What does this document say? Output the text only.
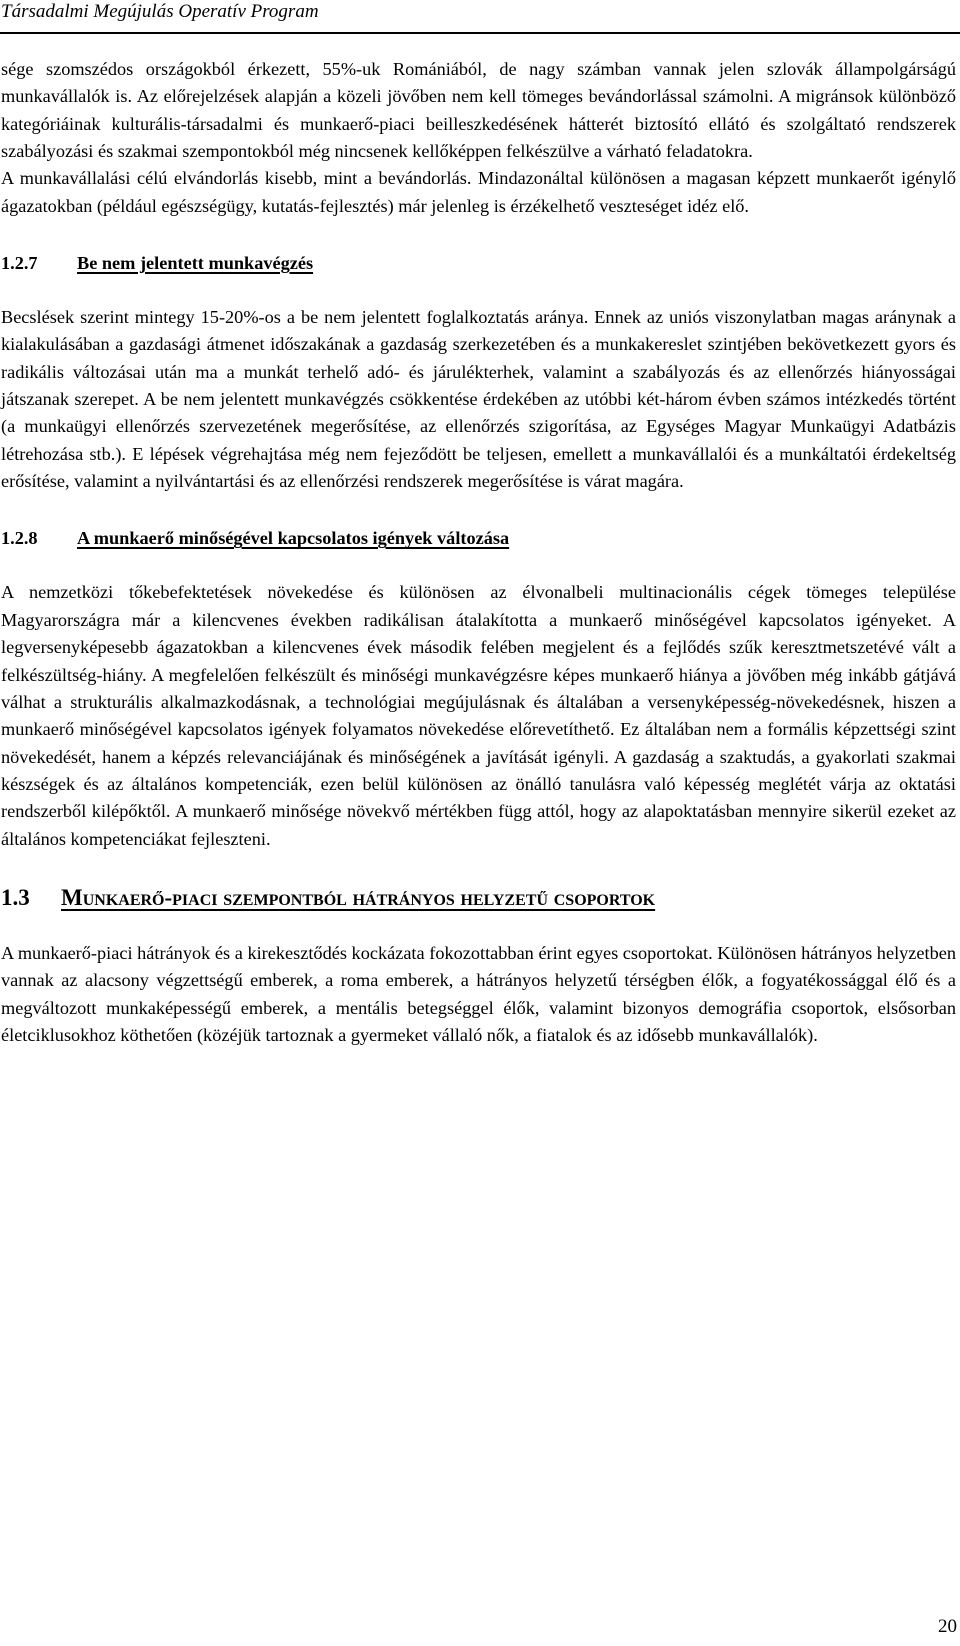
Társadalmi Megújulás Operatív Program

sége szomszédos országokból érkezett, 55%-uk Romániából, de nagy számban vannak jelen szlovák állampolgárságú munkavállalók is. Az előrejelzések alapján a közeli jövőben nem kell tömeges bevándorlással számolni. A migránsok különböző kategóriáinak kulturális-társadalmi és munkaerő-piaci beilleszkedésének hátterét biztosító ellátó és szolgáltató rendszerek szabályozási és szakmai szempontokból még nincsenek kellőképpen felkészülve a várható feladatokra.

A munkavállalási célú elvándorlás kisebb, mint a bevándorlás. Mindazonáltal különösen a magasan képzett munkaerőt igénylő ágazatokban (például egészségügy, kutatás-fejlesztés) már jelenleg is érzékelhető veszteséget idéz elő.

1.2.7	Be nem jelentett munkavégzés

Becslések szerint mintegy 15-20%-os a be nem jelentett foglalkoztatás aránya. Ennek az uniós viszonylatban magas aránynak a kialakulásában a gazdasági átmenet időszakának a gazdaság szerkezetében és a munkakereslet szintjében bekövetkezett gyors és radikális változásai után ma a munkát terhelő adó- és járulékterhek, valamint a szabályozás és az ellenőrzés hiányosságai játszanak szerepet. A be nem jelentett munkavégzés csökkentése érdekében az utóbbi két-három évben számos intézkedés történt (a munkaügyi ellenőrzés szervezetének megerősítése, az ellenőrzés szigorítása, az Egységes Magyar Munkaügyi Adatbázis létrehozása stb.). E lépések végrehajtása még nem fejeződött be teljesen, emellett a munkavállalói és a munkáltatói érdekeltség erősítése, valamint a nyilvántartási és az ellenőrzési rendszerek megerősítése is várat magára.

1.2.8	A munkaerő minőségével kapcsolatos igények változása

A nemzetközi tőkebefektetések növekedése és különösen az élvonalbeli multinacionális cégek tömeges települése Magyarországra már a kilencvenes években radikálisan átalakította a munkaerő minőségével kapcsolatos igényeket. A legversenyképesebb ágazatokban a kilencvenes évek második felében megjelent és a fejlődés szűk keresztmetszetévé vált a felkészültség-hiány. A megfelelően felkészült és minőségi munkavégzésre képes munkaerő hiánya a jövőben még inkább gátjává válhat a strukturális alkalmazkodásnak, a technológiai megújulásnak és általában a versenyképesség-növekedésnek, hiszen a munkaerő minőségével kapcsolatos igények folyamatos növekedése előrevetíthető. Ez általában nem a formális képzettségi szint növekedését, hanem a képzés relevanciájának és minőségének a javítását igényli. A gazdaság a szaktudás, a gyakorlati szakmai készségek és az általános kompetenciák, ezen belül különösen az önálló tanulásra való képesség meglétét várja az oktatási rendszerből kilépőktől. A munkaerő minősége növekvő mértékben függ attól, hogy az alapoktatásban mennyire sikerül ezeket az általános kompetenciákat fejleszteni.

1.3	Munkaerő-piaci szempontból hátrányos helyzetű csoportok

A munkaerő-piaci hátrányok és a kirekesztődés kockázata fokozottabban érint egyes csoportokat. Különösen hátrányos helyzetben vannak az alacsony végzettségű emberek, a roma emberek, a hátrányos helyzetű térségben élők, a fogyatékossággal élő és a megváltozott munkaképességű emberek, a mentális betegséggel élők, valamint bizonyos demográfia csoportok, elsősorban életciklusokhoz köthetően (közéjük tartoznak a gyermeket vállaló nők, a fiatalok és az idősebb munkavállalók).

20
